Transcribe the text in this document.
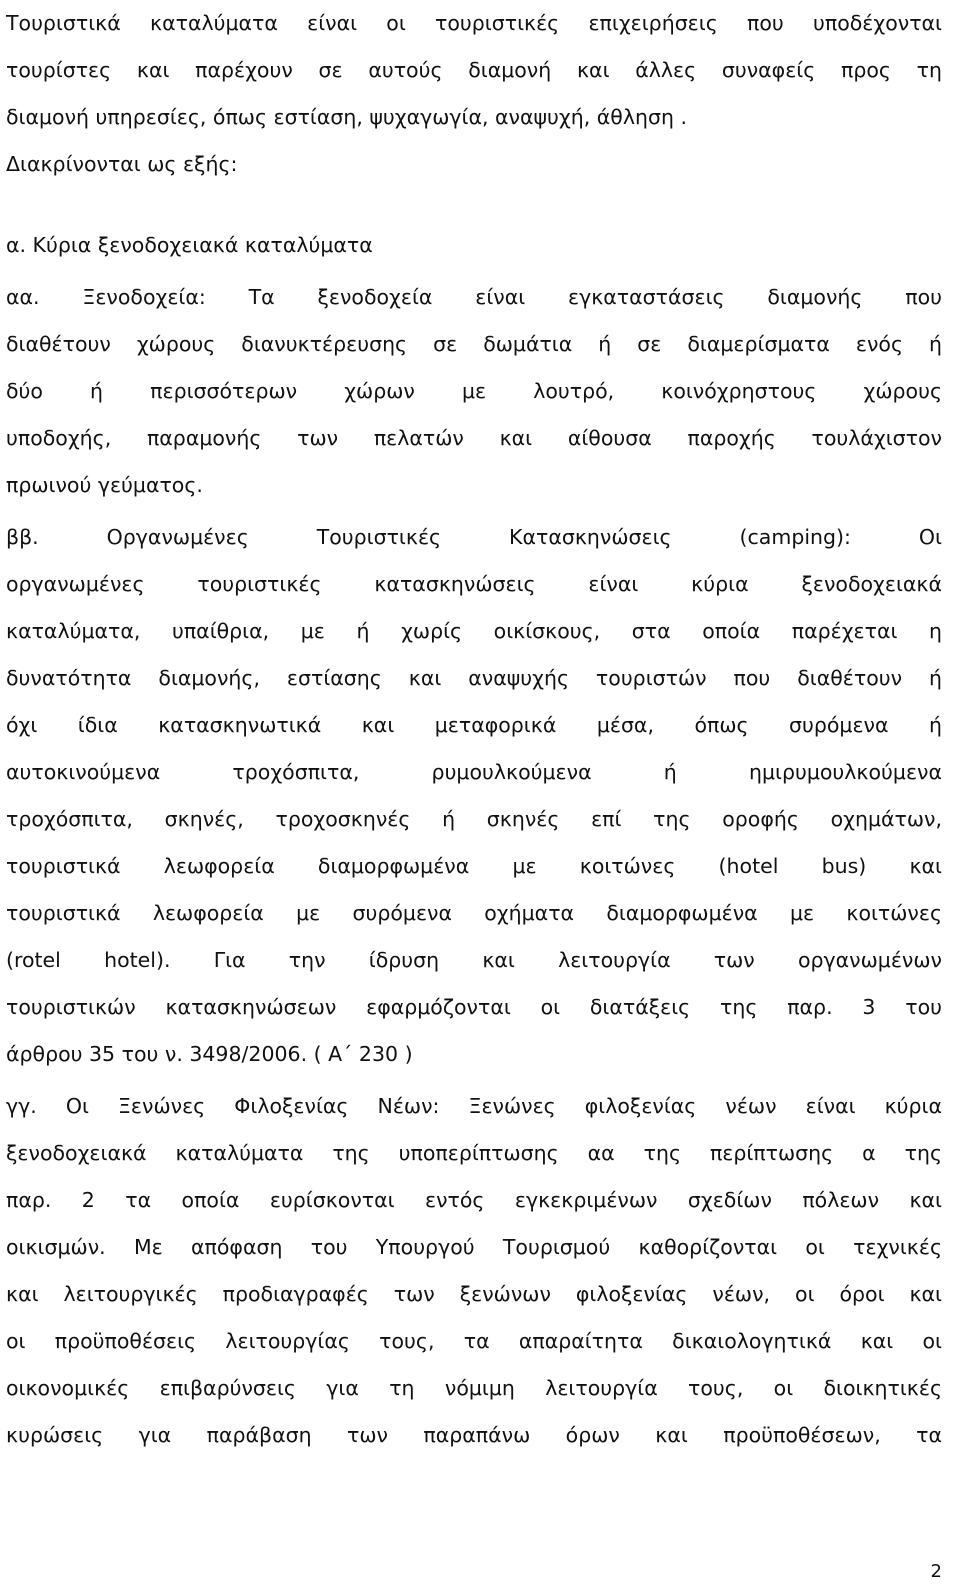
Τουριστικά καταλύματα είναι οι τουριστικές επιχειρήσεις που υποδέχονται
τουρίστες και παρέχουν σε αυτούς διαμονή και άλλες συναφείς προς τη
διαμονή υπηρεσίες, όπως εστίαση, ψυχαγωγία, αναψυχή, άθληση .
Διακρίνονται ως εξής:
α. Κύρια ξενοδοχειακά καταλύματα
αα. Ξενοδοχεία: Τα ξενοδοχεία είναι εγκαταστάσεις διαμονής που
διαθέτουν χώρους διανυκτέρευσης σε δωμάτια ή σε διαμερίσματα ενός ή
δύο ή περισσότερων χώρων με λουτρό, κοινόχρηστους χώρους
υποδοχής, παραμονής των πελατών και αίθουσα παροχής τουλάχιστον
πρωινού γεύματος.
ββ. Οργανωμένες Τουριστικές Κατασκηνώσεις (camping): Οι
οργανωμένες τουριστικές κατασκηνώσεις είναι κύρια ξενοδοχειακά
καταλύματα, υπαίθρια, με ή χωρίς οικίσκους, στα οποία παρέχεται η
δυνατότητα διαμονής, εστίασης και αναψυχής τουριστών που διαθέτουν ή
όχι ίδια κατασκηνωτικά και μεταφορικά μέσα, όπως συρόμενα ή
αυτοκινούμενα τροχόσπιτα, ρυμουλκούμενα ή ημιρυμουλκούμενα
τροχόσπιτα, σκηνές, τροχοσκηνές ή σκηνές επί της οροφής οχημάτων,
τουριστικά λεωφορεία διαμορφωμένα με κοιτώνες (hotel bus) και
τουριστικά λεωφορεία με συρόμενα οχήματα διαμορφωμένα με κοιτώνες
(rotel hotel). Για την ίδρυση και λειτουργία των οργανωμένων
τουριστικών κατασκηνώσεων εφαρμόζονται οι διατάξεις της παρ. 3 του
άρθρου 35 του ν. 3498/2006. ( Α΄ 230 )
γγ. Οι Ξενώνες Φιλοξενίας Νέων: Ξενώνες φιλοξενίας νέων είναι κύρια
ξενοδοχειακά καταλύματα της υποπερίπτωσης αα της περίπτωσης α της
παρ. 2 τα οποία ευρίσκονται εντός εγκεκριμένων σχεδίων πόλεων και
οικισμών. Με απόφαση του Υπουργού Τουρισμού καθορίζονται οι τεχνικές
και λειτουργικές προδιαγραφές των ξενώνων φιλοξενίας νέων, οι όροι και
οι προϋποθέσεις λειτουργίας τους, τα απαραίτητα δικαιολογητικά και οι
οικονομικές επιβαρύνσεις για τη νόμιμη λειτουργία τους, οι διοικητικές
κυρώσεις για παράβαση των παραπάνω όρων και προϋποθέσεων, τα
2
